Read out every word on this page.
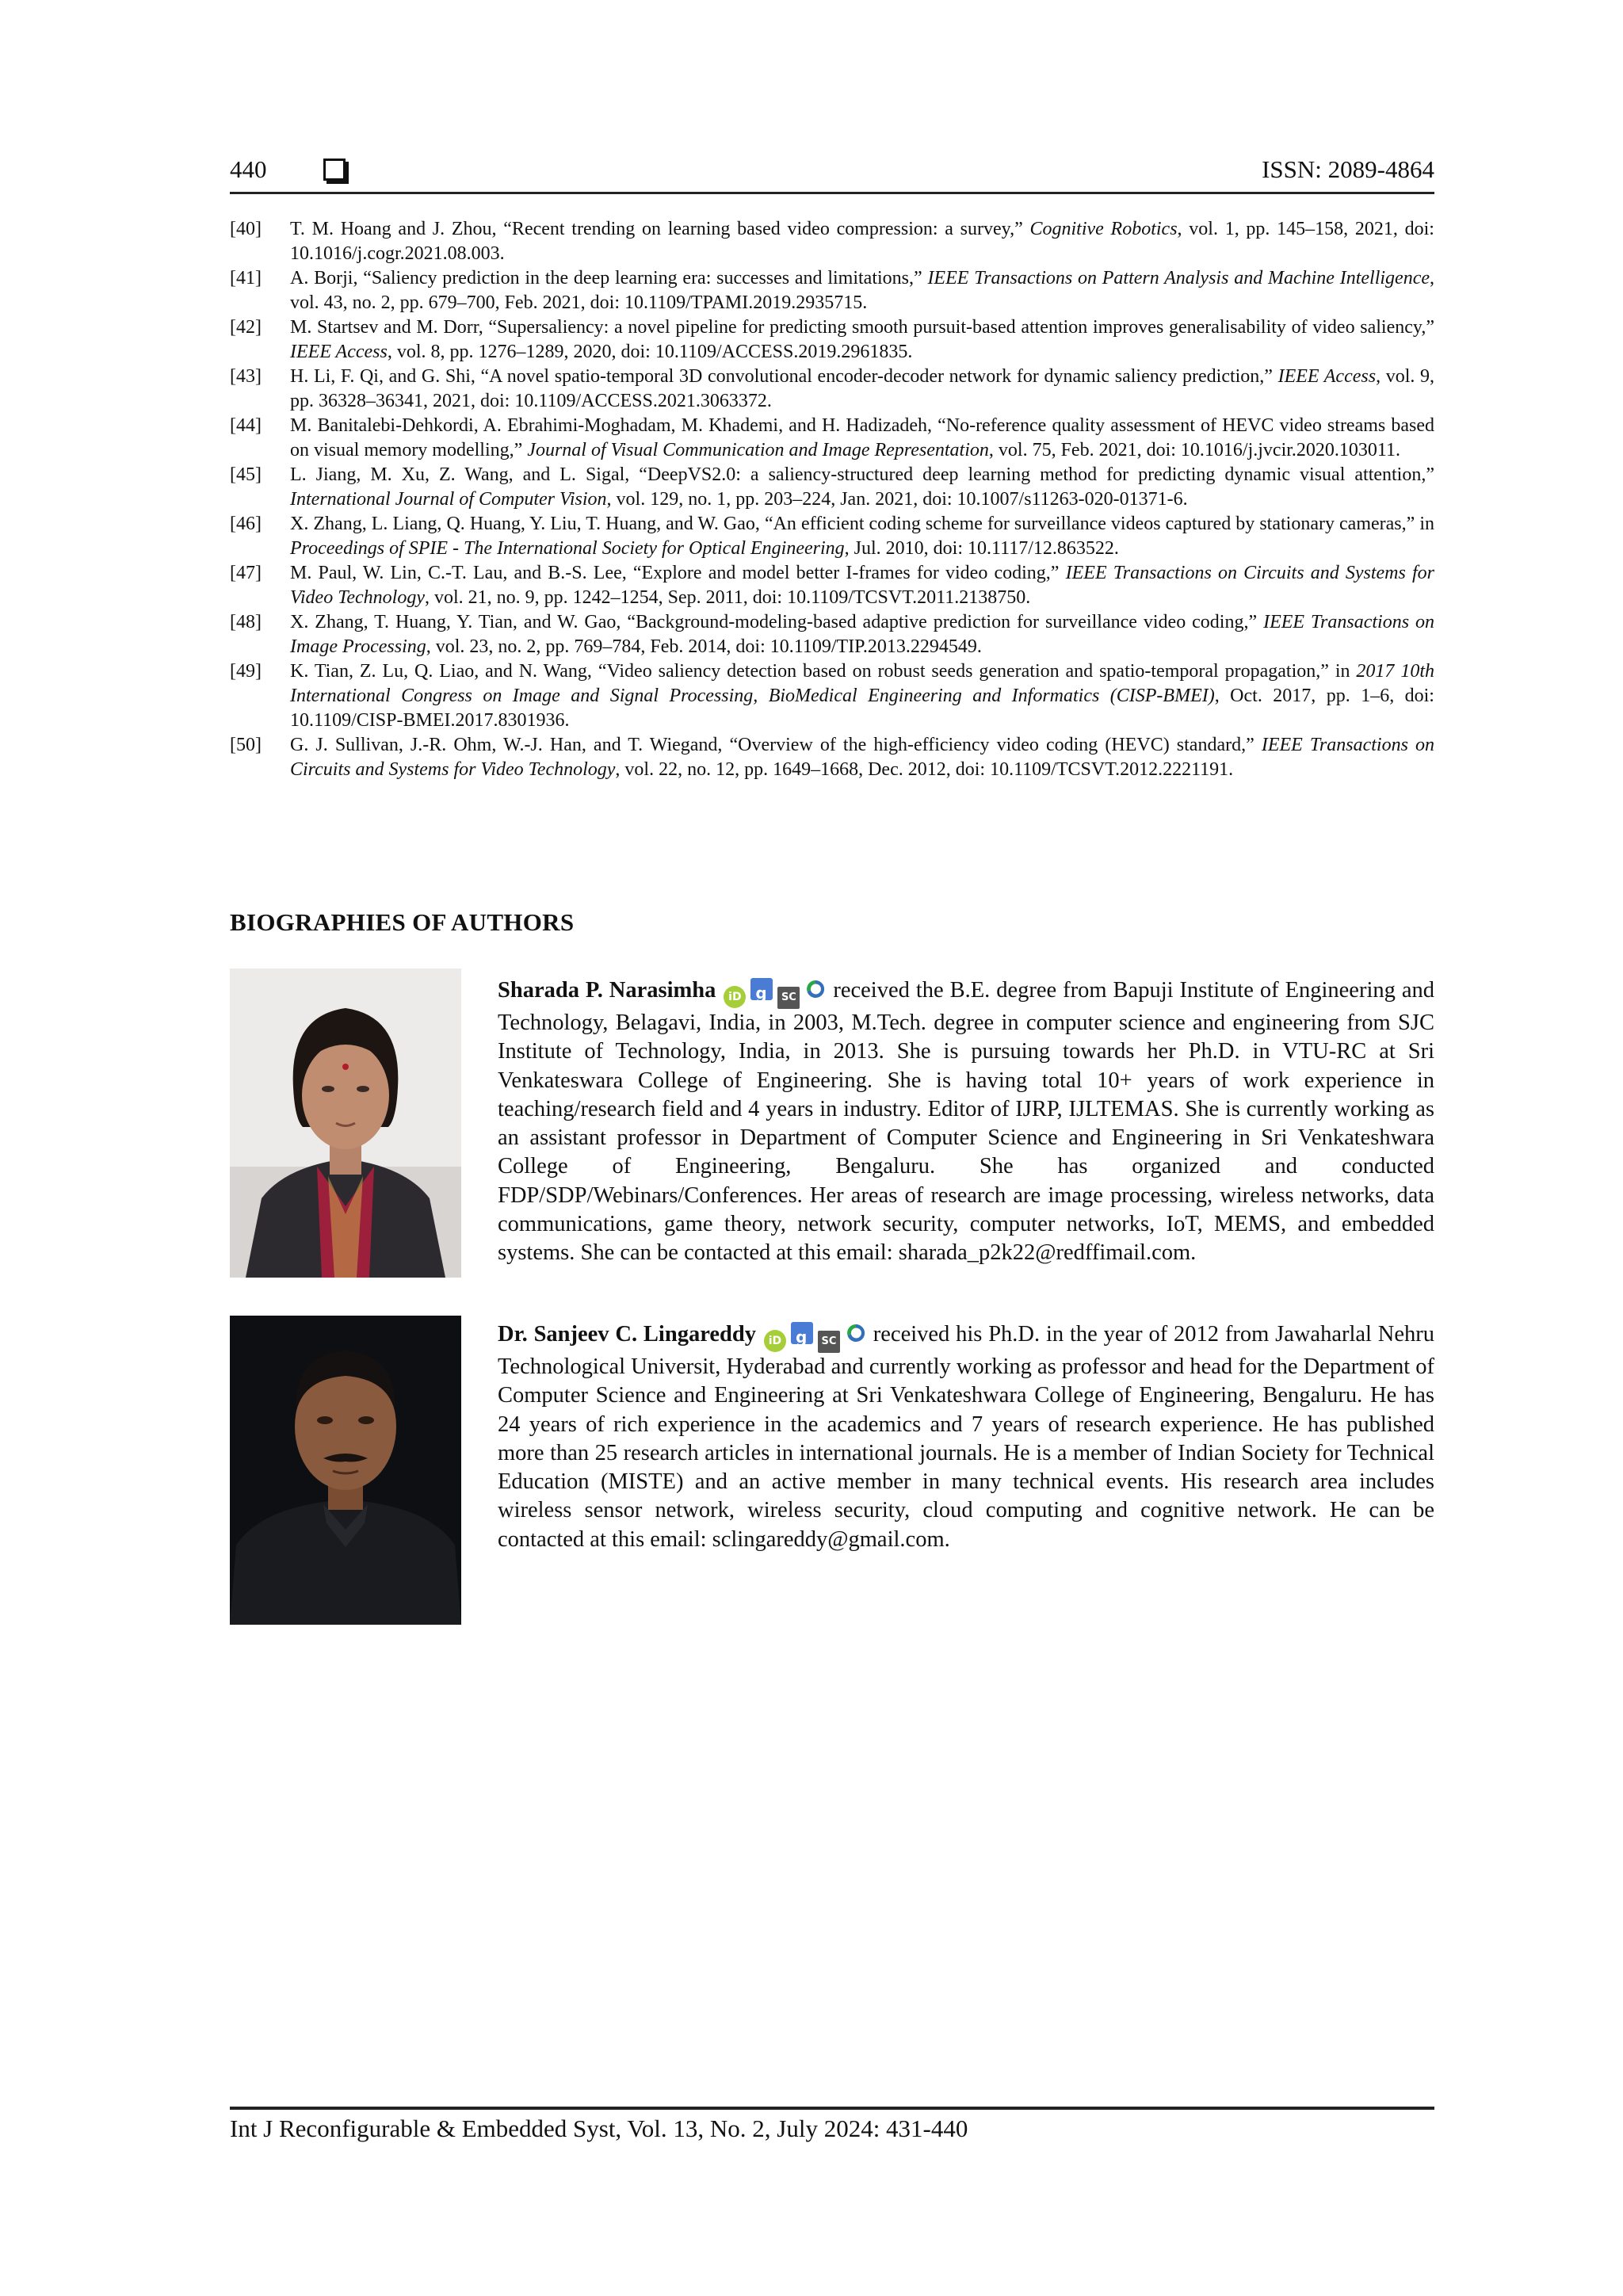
440	ISSN: 2089-4864
[40]	T. M. Hoang and J. Zhou, “Recent trending on learning based video compression: a survey,” Cognitive Robotics, vol. 1, pp. 145–158, 2021, doi: 10.1016/j.cogr.2021.08.003.
[41]	A. Borji, “Saliency prediction in the deep learning era: successes and limitations,” IEEE Transactions on Pattern Analysis and Machine Intelligence, vol. 43, no. 2, pp. 679–700, Feb. 2021, doi: 10.1109/TPAMI.2019.2935715.
[42]	M. Startsev and M. Dorr, “Supersaliency: a novel pipeline for predicting smooth pursuit-based attention improves generalisability of video saliency,” IEEE Access, vol. 8, pp. 1276–1289, 2020, doi: 10.1109/ACCESS.2019.2961835.
[43]	H. Li, F. Qi, and G. Shi, “A novel spatio-temporal 3D convolutional encoder-decoder network for dynamic saliency prediction,” IEEE Access, vol. 9, pp. 36328–36341, 2021, doi: 10.1109/ACCESS.2021.3063372.
[44]	M. Banitalebi-Dehkordi, A. Ebrahimi-Moghadam, M. Khademi, and H. Hadizadeh, “No-reference quality assessment of HEVC video streams based on visual memory modelling,” Journal of Visual Communication and Image Representation, vol. 75, Feb. 2021, doi: 10.1016/j.jvcir.2020.103011.
[45]	L. Jiang, M. Xu, Z. Wang, and L. Sigal, “DeepVS2.0: a saliency-structured deep learning method for predicting dynamic visual attention,” International Journal of Computer Vision, vol. 129, no. 1, pp. 203–224, Jan. 2021, doi: 10.1007/s11263-020-01371-6.
[46]	X. Zhang, L. Liang, Q. Huang, Y. Liu, T. Huang, and W. Gao, “An efficient coding scheme for surveillance videos captured by stationary cameras,” in Proceedings of SPIE - The International Society for Optical Engineering, Jul. 2010, doi: 10.1117/12.863522.
[47]	M. Paul, W. Lin, C.-T. Lau, and B.-S. Lee, “Explore and model better I-frames for video coding,” IEEE Transactions on Circuits and Systems for Video Technology, vol. 21, no. 9, pp. 1242–1254, Sep. 2011, doi: 10.1109/TCSVT.2011.2138750.
[48]	X. Zhang, T. Huang, Y. Tian, and W. Gao, “Background-modeling-based adaptive prediction for surveillance video coding,” IEEE Transactions on Image Processing, vol. 23, no. 2, pp. 769–784, Feb. 2014, doi: 10.1109/TIP.2013.2294549.
[49]	K. Tian, Z. Lu, Q. Liao, and N. Wang, “Video saliency detection based on robust seeds generation and spatio-temporal propagation,” in 2017 10th International Congress on Image and Signal Processing, BioMedical Engineering and Informatics (CISP-BMEI), Oct. 2017, pp. 1–6, doi: 10.1109/CISP-BMEI.2017.8301936.
[50]	G. J. Sullivan, J.-R. Ohm, W.-J. Han, and T. Wiegand, “Overview of the high-efficiency video coding (HEVC) standard,” IEEE Transactions on Circuits and Systems for Video Technology, vol. 22, no. 12, pp. 1649–1668, Dec. 2012, doi: 10.1109/TCSVT.2012.2221191.
BIOGRAPHIES OF AUTHORS
Sharada P. Narasimha iD g SC received the B.E. degree from Bapuji Institute of Engineering and Technology, Belagavi, India, in 2003, M.Tech. degree in computer science and engineering from SJC Institute of Technology, India, in 2013. She is pursuing towards her Ph.D. in VTU-RC at Sri Venkateswara College of Engineering. She is having total 10+ years of work experience in teaching/research field and 4 years in industry. Editor of IJRP, IJLTEMAS. She is currently working as an assistant professor in Department of Computer Science and Engineering in Sri Venkateshwara College of Engineering, Bengaluru. She has organized and conducted FDP/SDP/Webinars/Conferences. Her areas of research are image processing, wireless networks, data communications, game theory, network security, computer networks, IoT, MEMS, and embedded systems. She can be contacted at this email: sharada_p2k22@redffimail.com.
Dr. Sanjeev C. Lingareddy iD g SC received his Ph.D. in the year of 2012 from Jawaharlal Nehru Technological Universit, Hyderabad and currently working as professor and head for the Department of Computer Science and Engineering at Sri Venkateshwara College of Engineering, Bengaluru. He has 24 years of rich experience in the academics and 7 years of research experience. He has published more than 25 research articles in international journals. He is a member of Indian Society for Technical Education (MISTE) and an active member in many technical events. His research area includes wireless sensor network, wireless security, cloud computing and cognitive network. He can be contacted at this email: sclingareddy@gmail.com.
Int J Reconfigurable & Embedded Syst, Vol. 13, No. 2, July 2024: 431-440
